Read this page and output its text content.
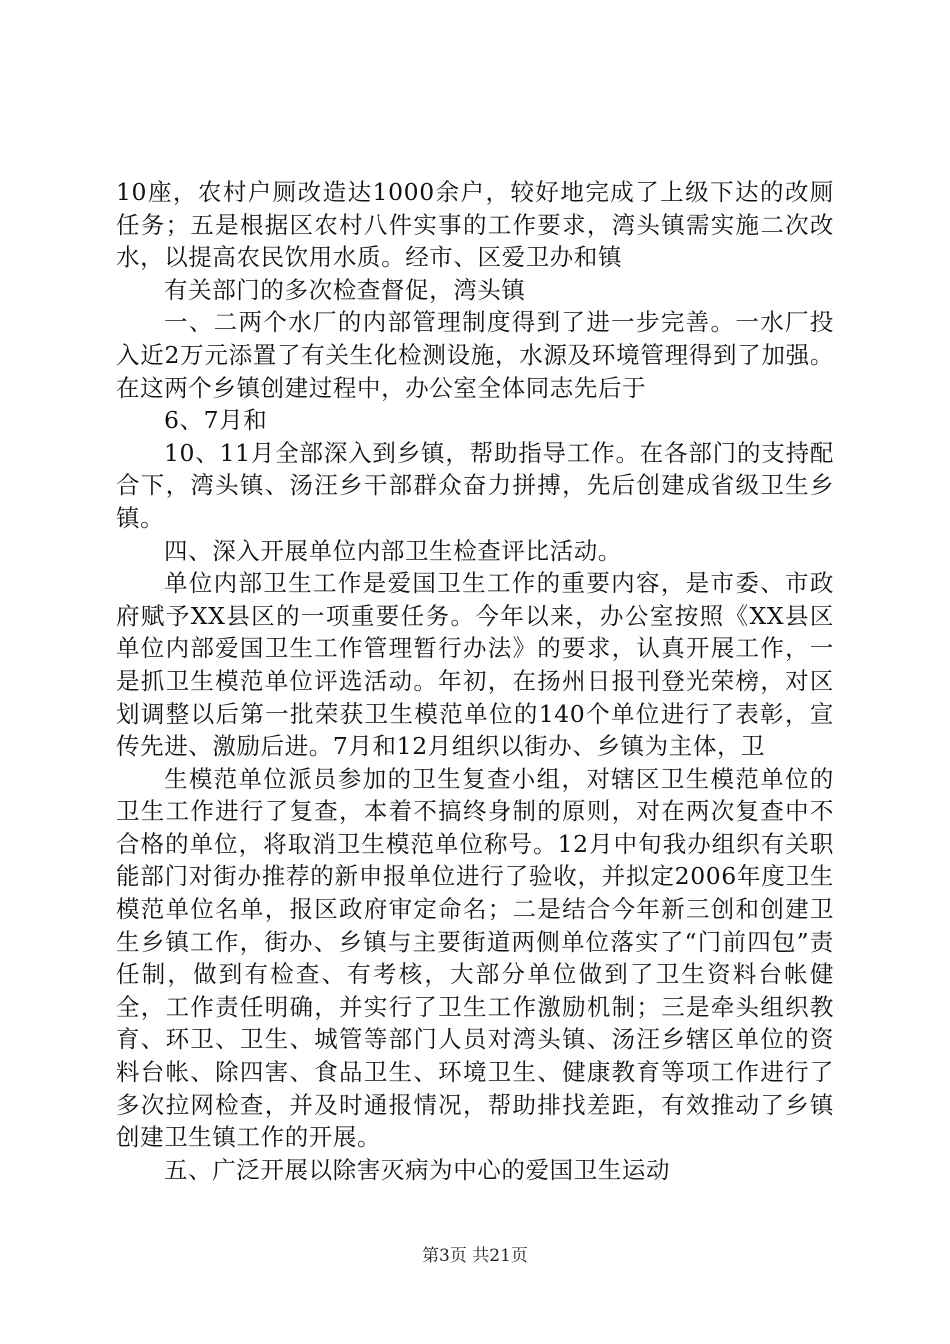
10座，农村户厕改造达1000余户，较好地完成了上级下达的改厕任务；五是根据区农村八件实事的工作要求，湾头镇需实施二次改水，以提高农民饮用水质。经市、区爱卫办和镇

有关部门的多次检查督促，湾头镇

一、二两个水厂的内部管理制度得到了进一步完善。一水厂投入近2万元添置了有关生化检测设施，水源及环境管理得到了加强。在这两个乡镇创建过程中，办公室全体同志先后于

6、7月和

10、11月全部深入到乡镇，帮助指导工作。在各部门的支持配合下，湾头镇、汤汪乡干部群众奋力拼搏，先后创建成省级卫生乡镇。

四、深入开展单位内部卫生检查评比活动。

单位内部卫生工作是爱国卫生工作的重要内容，是市委、市政府赋予XX县区的一项重要任务。今年以来，办公室按照《XX县区单位内部爱国卫生工作管理暂行办法》的要求，认真开展工作，一是抓卫生模范单位评选活动。年初，在扬州日报刊登光荣榜，对区划调整以后第一批荣获卫生模范单位的140个单位进行了表彰，宣传先进、激励后进。7月和12月组织以街办、乡镇为主体，卫

生模范单位派员参加的卫生复查小组，对辖区卫生模范单位的卫生工作进行了复查，本着不搞终身制的原则，对在两次复查中不合格的单位，将取消卫生模范单位称号。12月中旬我办组织有关职能部门对街办推荐的新申报单位进行了验收，并拟定2006年度卫生模范单位名单，报区政府审定命名；二是结合今年新三创和创建卫生乡镇工作，街办、乡镇与主要街道两侧单位落实了“门前四包”责任制，做到有检查、有考核，大部分单位做到了卫生资料台帐健全，工作责任明确，并实行了卫生工作激励机制；三是牵头组织教育、环卫、卫生、城管等部门人员对湾头镇、汤汪乡辖区单位的资料台帐、除四害、食品卫生、环境卫生、健康教育等项工作进行了多次拉网检查，并及时通报情况，帮助排找差距，有效推动了乡镇创建卫生镇工作的开展。

五、广泛开展以除害灭病为中心的爱国卫生运动

第3页 共21页
